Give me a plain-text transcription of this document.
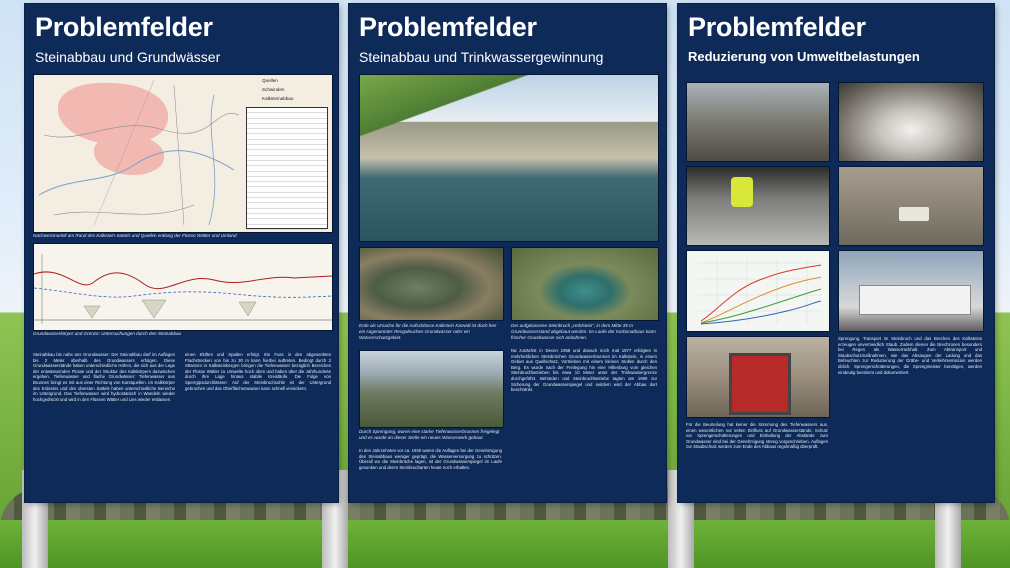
Problemfelder
Steinabbau und Grundwässer
Quellen
Schwinden
Kalksteinabbau
Nachweismodell am Rand des Kalkstein-Sattels und Quellen entlang der Flüsse Wätter und Umland
Grundwasserkörper und Grenze: Untersuchungen durch den Steinabbau
Steinabbau bis nahe ans Grundwasser: Der Steinabbau darf im Auflagen bis 2 Meter oberhalb des Grundwassers erfolgen. Diese Grundwasserstände haben unterschiedliche Höhen, die sich aus der Lage der entwässernden Flüsse und der Struktur des Kalkkörpers dazwischen ergeben. Tiefenwasser und flache Grundwässer: Tiefenwasser aus Brunnen bringt es mit aus einer Richtung von Karstquellen. Im Kalkkörper des Erdseins und des obersten Sattels haben unterschiedliche Bereiche im Untergrund. Das Tiefenwasser wird hydrostatisch in Wandeln wieder hochgedrückt und wird in den Flüssen Wätter und Lies wieder entlassen.
einen Klüften und Spalten erfolgt. Ein Fuss in den abgesenkten Flachstrecken von bis zu 30 m kann hierbei auftreten. Bedingt durch 2 Sttanzen in Kalksteinbergen bringen die Tiefenwasser bezüglich Bereichen der Flüsse Wätter zu Umwelte hoch oben und haben über die Jahrhunderte durch ihre Lage hinaus stabile Kreisläufe. Die Folge von Sperrgipsdurchlässen: Auf der Steinbruchsohle ist der Untergrund gebrochen und das Oberflächenwasser kann schnell versickern.
Problemfelder
Steinabbau und Trinkwassergewinnung
Erde als Ursache für die Aufschlüsse Kalkstein Kanwäl ist doch hier ein sogenanntes Rengaleuches Grundwasser oder ein Wasserschutzgebiet.
Der aufgelassene Steinbruch „Hohlstein", in dem Mitte 35 m Grundwasserstand abgebaut werden. Im Laufe der Karbonatbaus kann frischer Grundwasser sich anbahnen.
Durch Sprengung, waren eine starke Tiefenwasserbrunnen freigelegt und es wurde an dieser Stelle ein neues Wasserwerk gebaut.
In den Jahrzehnten vor ca. 1930 waren die Auflagen bei der Genehmigung des Steinabbaus weniger geprägt, die Wasserversorgung zu schützen. Überall wo die Steinbrüche lagen, ist der Grundwasserspiegel im Laufe gesunken und deren Steinbrucharten heute noch erhalten.
Na zunächst in Decen 1958 und danach noch mal 1977 erfolgten in mehrheitlichen Steinbrüchen Grundwasserbrunnen im Kalkstein, in einem Gebiet aus Quellschutz, Vortrieben mit einem kleinen Stollen durch den Berg. Es wurde nach der Freilegung hin eine Hillenburg vom gleichen Steinbruchbetrieben bis etwa 10 Meter unter der Trinkwassergrenze durchgeführt. Behörden und Steinbruchbetriebe tagten am 1990 zur Sicherung der Grundwasserspiegel und seitdem wird der Abbau dort beschränkt.
Problemfelder
Reduzierung von Umweltbelastungen
Sprengung, Transport im Steinbruch und das Brechen des Kalksteins erzeugen unvermeidlich Staub. Zudem dienen die Brechzonen besonders bei Regen als Wasserrückhalt. Zum Abtransport und Staubschutzmaßnahmen, wie das Absaugen der Ladung und das Befeuchten zur Reduzierung der Gräbe- und Verkehrsemission werden üblich. Sprengerschütterungen, die Sprengmeister benötigen, werden eindeutig bestimmt und dokumentiert.
Für die Beurteilung hat keiner die Sörnmung des Tiefenwassers aus, einen wesentlichen nur selten Einfluss auf Grundwasserstände. Schutz vor Sprengerschütterungen und Einhaltung der Abstände zum Grundwasser sind bei der Genehmigung streng vorgeschrieben. Auflagen zur Staubschutz werden zum Ende des Abbaus regelmäßig überprüft.
